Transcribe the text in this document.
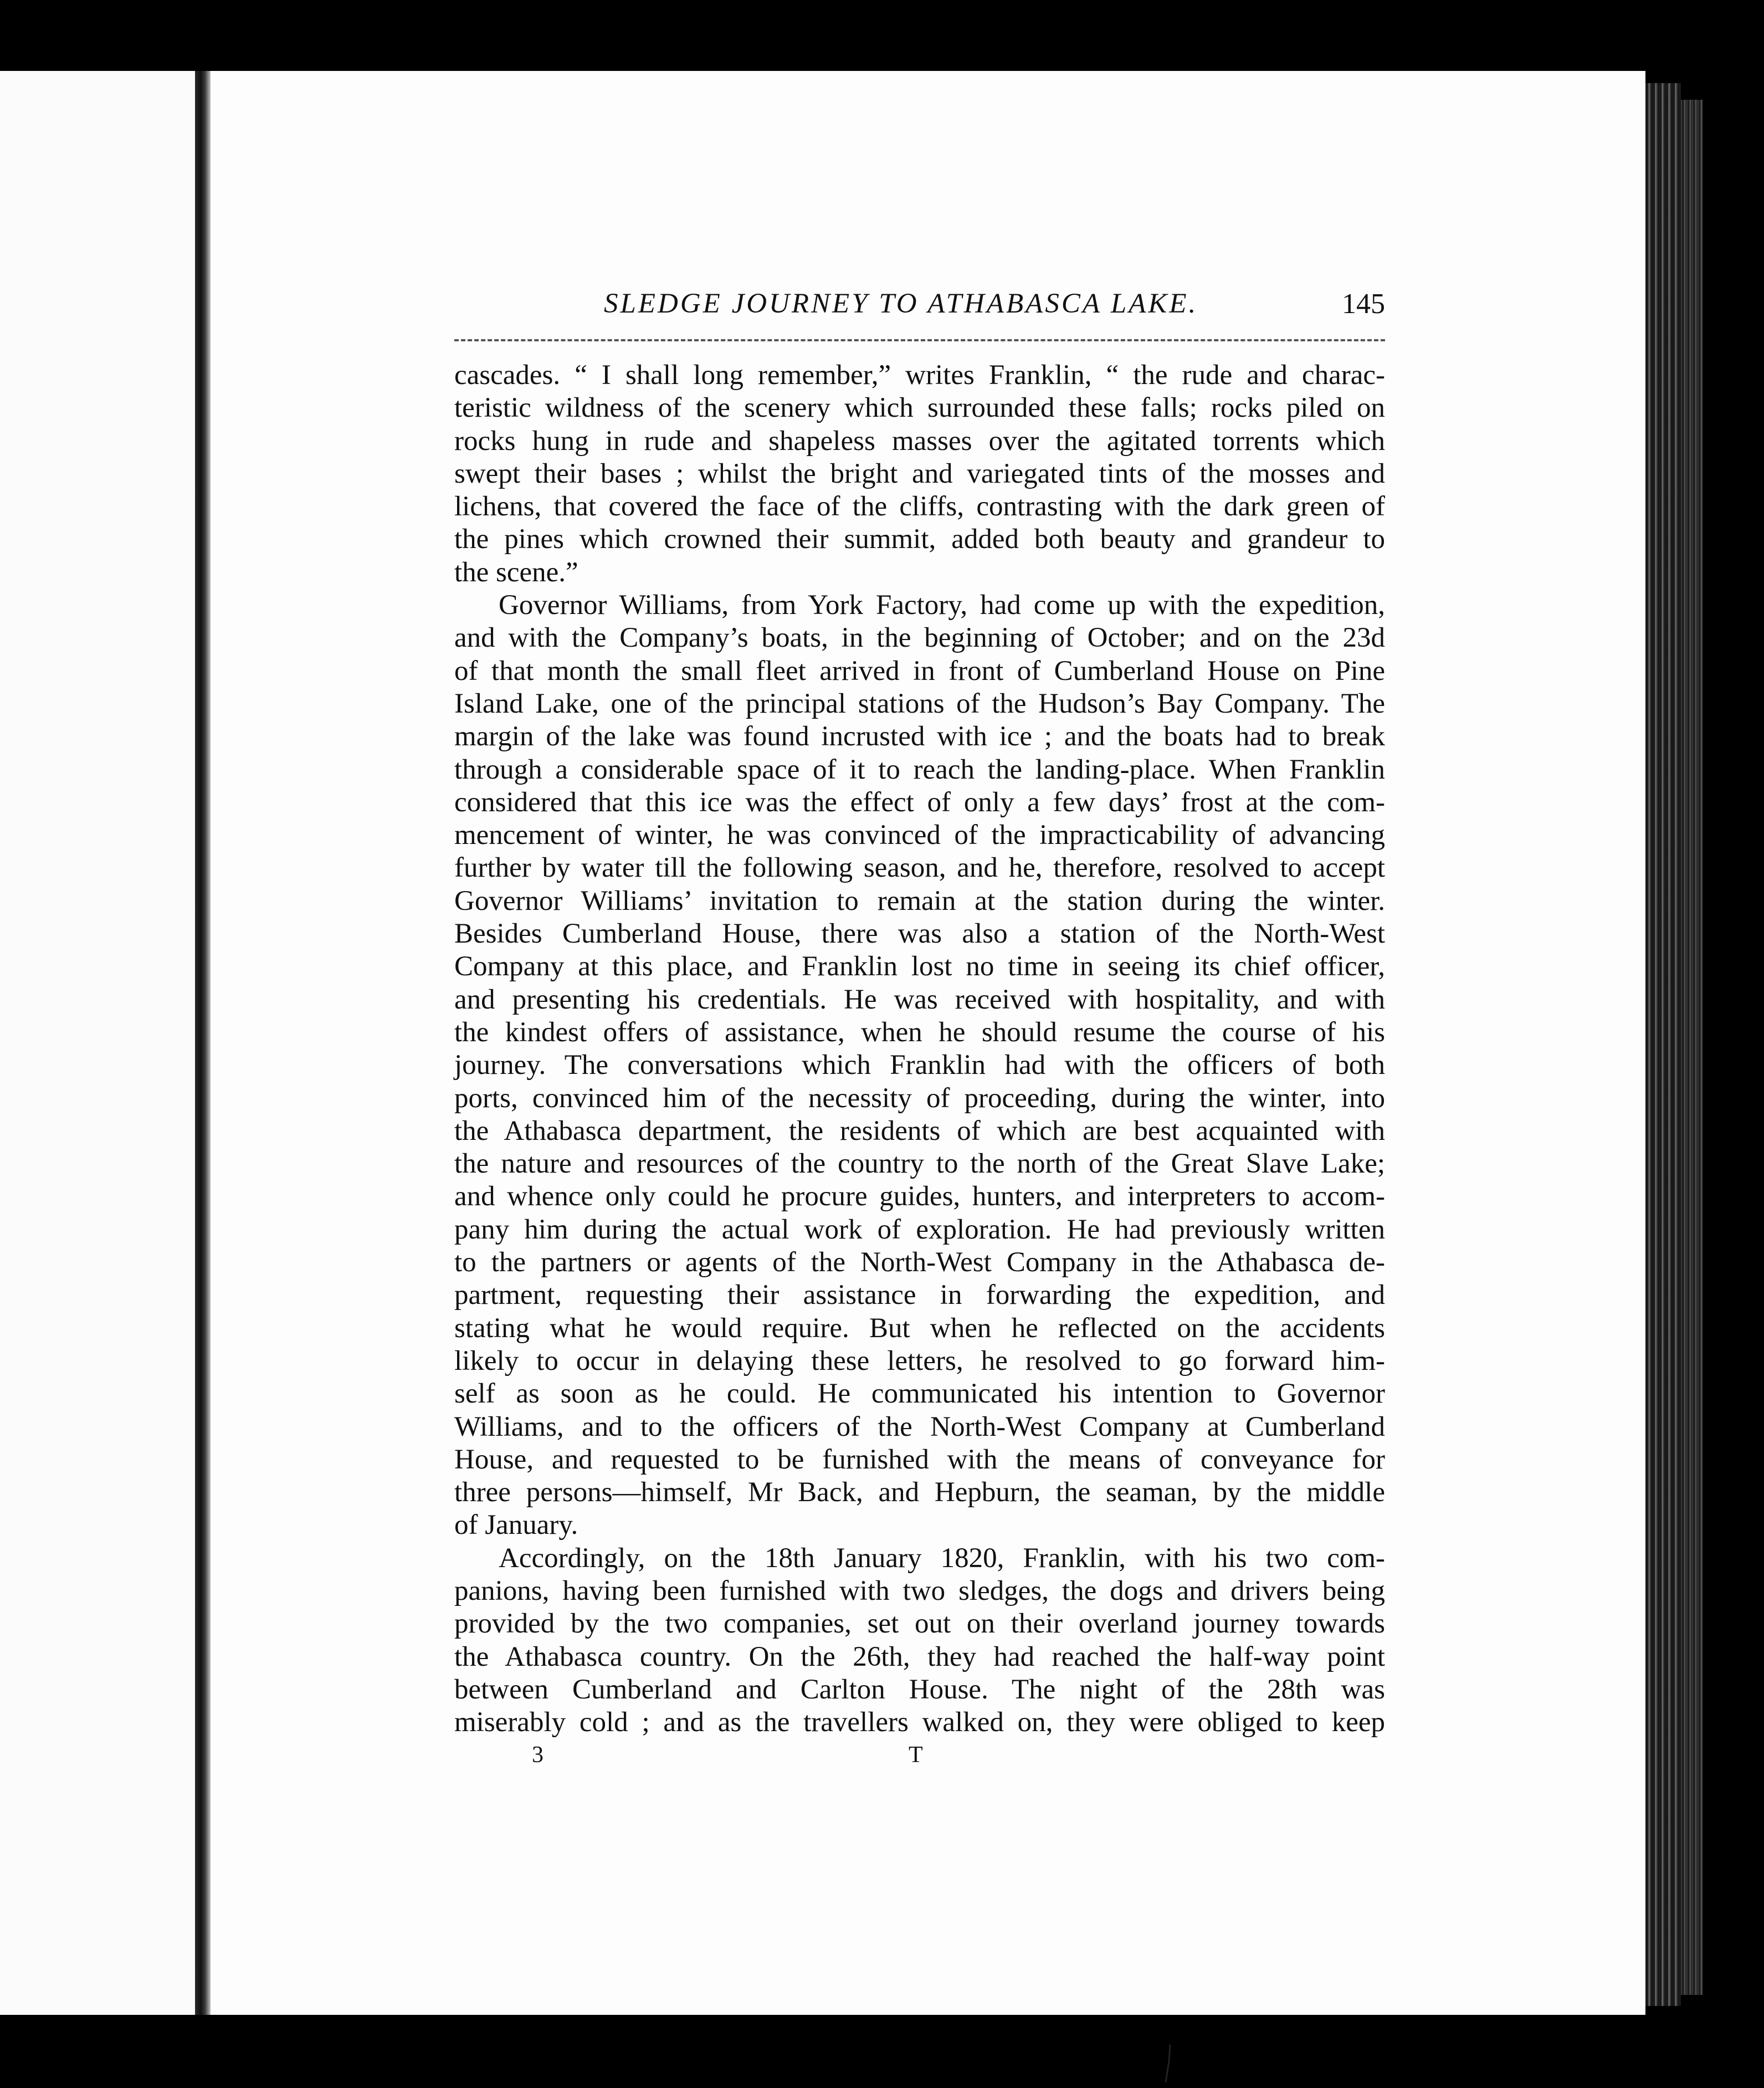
SLEDGE JOURNEY TO ATHABASCA LAKE.	145
cascades. “ I shall long remember,” writes Franklin, “ the rude and charac-
teristic wildness of the scenery which surrounded these falls; rocks piled on
rocks hung in rude and shapeless masses over the agitated torrents which
swept their bases ; whilst the bright and variegated tints of the mosses and
lichens, that covered the face of the cliffs, contrasting with the dark green of
the pines which crowned their summit, added both beauty and grandeur to
the scene.”
Governor Williams, from York Factory, had come up with the expedition,
and with the Company’s boats, in the beginning of October; and on the 23d
of that month the small fleet arrived in front of Cumberland House on Pine
Island Lake, one of the principal stations of the Hudson’s Bay Company. The
margin of the lake was found incrusted with ice ; and the boats had to break
through a considerable space of it to reach the landing-place. When Franklin
considered that this ice was the effect of only a few days’ frost at the com-
mencement of winter, he was convinced of the impracticability of advancing
further by water till the following season, and he, therefore, resolved to accept
Governor Williams’ invitation to remain at the station during the winter.
Besides Cumberland House, there was also a station of the North-West
Company at this place, and Franklin lost no time in seeing its chief officer,
and presenting his credentials. He was received with hospitality, and with
the kindest offers of assistance, when he should resume the course of his
journey. The conversations which Franklin had with the officers of both
ports, convinced him of the necessity of proceeding, during the winter, into
the Athabasca department, the residents of which are best acquainted with
the nature and resources of the country to the north of the Great Slave Lake;
and whence only could he procure guides, hunters, and interpreters to accom-
pany him during the actual work of exploration. He had previously written
to the partners or agents of the North-West Company in the Athabasca de-
partment, requesting their assistance in forwarding the expedition, and
stating what he would require. But when he reflected on the accidents
likely to occur in delaying these letters, he resolved to go forward him-
self as soon as he could. He communicated his intention to Governor
Williams, and to the officers of the North-West Company at Cumberland
House, and requested to be furnished with the means of conveyance for
three persons—himself, Mr Back, and Hepburn, the seaman, by the middle
of January.
Accordingly, on the 18th January 1820, Franklin, with his two com-
panions, having been furnished with two sledges, the dogs and drivers being
provided by the two companies, set out on their overland journey towards
the Athabasca country. On the 26th, they had reached the half-way point
between Cumberland and Carlton House. The night of the 28th was
miserably cold ; and as the travellers walked on, they were obliged to keep
3	T
